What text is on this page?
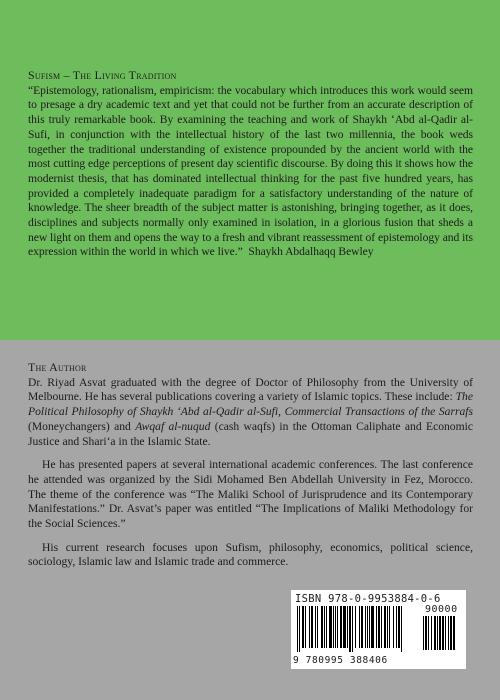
Sufism – The Living Tradition

“Epistemology, rationalism, empiricism: the vocabulary which introduces this work would seem to presage a dry academic text and yet that could not be further from an accurate description of this truly remarkable book. By examining the teaching and work of Shaykh ‘Abd al-Qadir al-Sufi, in conjunction with the intellectual history of the last two millennia, the book weds together the traditional understanding of existence propounded by the ancient world with the most cutting edge perceptions of present day scientific discourse. By doing this it shows how the modernist thesis, that has dominated intellectual thinking for the past five hundred years, has provided a completely inadequate paradigm for a satisfactory understanding of the nature of knowledge. The sheer breadth of the subject matter is astonishing, bringing together, as it does, disciplines and subjects normally only examined in isolation, in a glorious fusion that sheds a new light on them and opens the way to a fresh and vibrant reassessment of epistemology and its expression within the world in which we live.” Shaykh Abdalhaqq Bewley

The Author

Dr. Riyad Asvat graduated with the degree of Doctor of Philosophy from the University of Melbourne. He has several publications covering a variety of Islamic topics. These include: The Political Philosophy of Shaykh ‘Abd al-Qadir al-Sufi, Commercial Transactions of the Sarrafs (Moneychangers) and Awqaf al-nuqud (cash waqfs) in the Ottoman Caliphate and Economic Justice and Shari‘a in the Islamic State.

He has presented papers at several international academic conferences. The last conference he attended was organized by the Sidi Mohamed Ben Abdellah University in Fez, Morocco. The theme of the conference was “The Maliki School of Jurisprudence and its Contemporary Manifestations.” Dr. Asvat’s paper was entitled “The Implications of Maliki Methodology for the Social Sciences.”

His current research focuses upon Sufism, philosophy, economics, political science, sociology, Islamic law and Islamic trade and commerce.

ISBN 978-0-9953884-0-6
90000
9 780995 388406
